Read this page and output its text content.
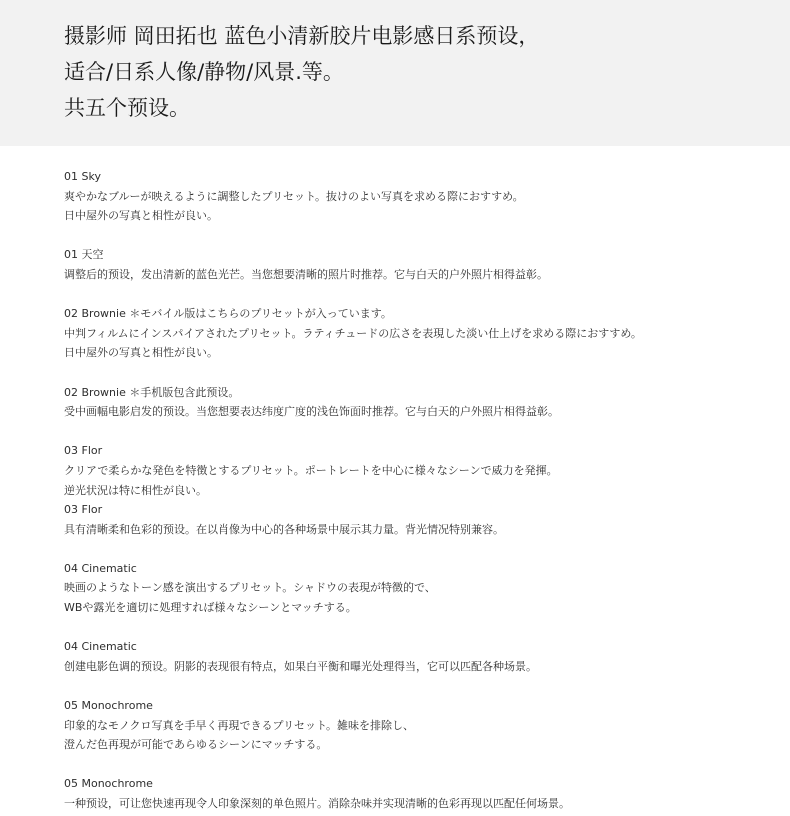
摄影师 岡田拓也 蓝色小清新胶片电影感日系预设，
适合/日系人像/静物/风景.等。
共五个预设。
01 Sky
爽やかなブルーが映えるように調整したプリセット。抜けのよい写真を求める際におすすめ。
日中屋外の写真と相性が良い。
01 天空
调整后的预设，发出清新的蓝色光芒。当您想要清晰的照片时推荐。它与白天的户外照片相得益彰。
02 Brownie ＊モバイル版はこちらのプリセットが入っています。
中判フィルムにインスパイアされたプリセット。ラティチュードの広さを表現した淡い仕上げを求める際におすすめ。
日中屋外の写真と相性が良い。
02 Brownie ＊手机版包含此预设。
受中画幅电影启发的预设。当您想要表达纬度广度的浅色饰面时推荐。它与白天的户外照片相得益彰。
03 Flor
クリアで柔らかな発色を特徴とするプリセット。ポートレートを中心に様々なシーンで威力を発揮。
逆光状況は特に相性が良い。
03 Flor
具有清晰柔和色彩的预设。在以肖像为中心的各种场景中展示其力量。背光情况特别兼容。
04 Cinematic
映画のようなトーン感を演出するプリセット。シャドウの表現が特徴的で、
WBや露光を適切に処理すれば様々なシーンとマッチする。
04 Cinematic
创建电影色调的预设。阴影的表现很有特点，如果白平衡和曝光处理得当，它可以匹配各种场景。
05 Monochrome
印象的なモノクロ写真を手早く再現できるプリセット。雑味を排除し、
澄んだ色再現が可能であらゆるシーンにマッチする。
05 Monochrome
一种预设，可让您快速再现令人印象深刻的单色照片。消除杂味并实现清晰的色彩再现以匹配任何场景。
